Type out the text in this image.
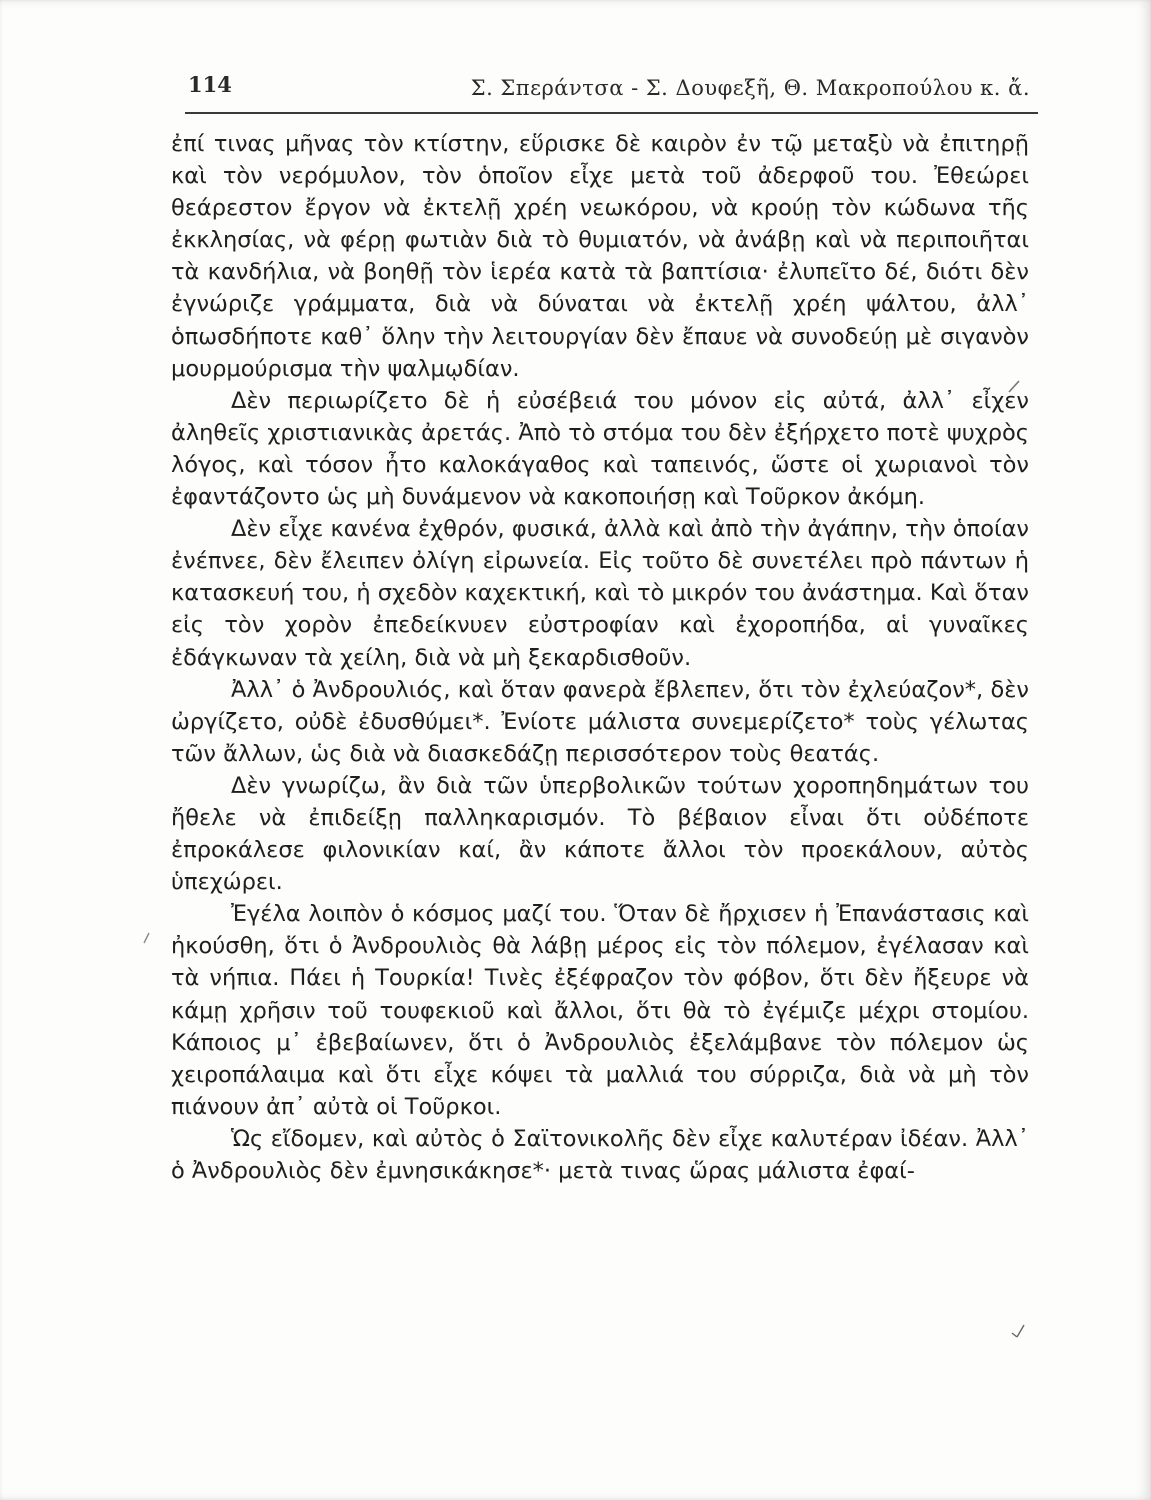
114	Σ. Σπεράντσα - Σ. Δουφεξῆ, Θ. Μακροπούλου κ. ἄ.

ἐπί τινας μῆνας τὸν κτίστην, εὕρισκε δὲ καιρὸν ἐν τῷ μεταξὺ νὰ ἐπιτηρῇ καὶ τὸν νερόμυλον, τὸν ὁποῖον εἶχε μετὰ τοῦ ἀδερφοῦ του. Ἐθεώρει θεάρεστον ἔργον νὰ ἐκτελῇ χρέη νεωκόρου, νὰ κρούῃ τὸν κώδωνα τῆς ἐκκλησίας, νὰ φέρῃ φωτιὰν διὰ τὸ θυμιατόν, νὰ ἀνάβῃ καὶ νὰ περιποιῆται τὰ κανδήλια, νὰ βοηθῇ τὸν ἱερέα κατὰ τὰ βαπτίσια· ἐλυπεῖτο δέ, διότι δὲν ἐγνώριζε γράμματα, διὰ νὰ δύναται νὰ ἐκτελῇ χρέη ψάλτου, ἀλλ᾽ ὁπωσδήποτε καθ᾽ ὅλην τὴν λειτουργίαν δὲν ἔπαυε νὰ συνοδεύῃ μὲ σιγανὸν μουρμούρισμα τὴν ψαλμῳδίαν.

Δὲν περιωρίζετο δὲ ἡ εὐσέβειά του μόνον εἰς αὐτά, ἀλλ᾽ εἶχεν ἀληθεῖς χριστιανικὰς ἀρετάς. Ἀπὸ τὸ στόμα του δὲν ἐξήρχετο ποτὲ ψυχρὸς λόγος, καὶ τόσον ἦτο καλοκάγαθος καὶ ταπεινός, ὥστε οἱ χωριανοὶ τὸν ἐφαντάζοντο ὡς μὴ δυνάμενον νὰ κακοποιήσῃ καὶ Τοῦρκον ἀκόμη.

Δὲν εἶχε κανένα ἐχθρόν, φυσικά, ἀλλὰ καὶ ἀπὸ τὴν ἀγάπην, τὴν ὁποίαν ἐνέπνεε, δὲν ἔλειπεν ὀλίγη εἰρωνεία. Εἰς τοῦτο δὲ συνετέλει πρὸ πάντων ἡ κατασκευή του, ἡ σχεδὸν καχεκτική, καὶ τὸ μικρόν του ἀνάστημα. Καὶ ὅταν εἰς τὸν χορὸν ἐπεδείκνυεν εὐστροφίαν καὶ ἐχοροπήδα, αἱ γυναῖκες ἐδάγκωναν τὰ χείλη, διὰ νὰ μὴ ξεκαρδισθοῦν.

Ἀλλ᾽ ὁ Ἀνδρουλιός, καὶ ὅταν φανερὰ ἔβλεπεν, ὅτι τὸν ἐχλεύαζον*, δὲν ὠργίζετο, οὐδὲ ἐδυσθύμει*. Ἐνίοτε μάλιστα συνεμερίζετο* τοὺς γέλωτας τῶν ἄλλων, ὡς διὰ νὰ διασκεδάζῃ περισσότερον τοὺς θεατάς.

Δὲν γνωρίζω, ἂν διὰ τῶν ὑπερβολικῶν τούτων χοροπηδημάτων του ἤθελε νὰ ἐπιδείξῃ παλληκαρισμόν. Τὸ βέβαιον εἶναι ὅτι οὐδέποτε ἐπροκάλεσε φιλονικίαν καί, ἂν κάποτε ἄλλοι τὸν προεκάλουν, αὐτὸς ὑπεχώρει.

Ἐγέλα λοιπὸν ὁ κόσμος μαζί του. Ὅταν δὲ ἤρχισεν ἡ Ἐπανάστασις καὶ ἠκούσθη, ὅτι ὁ Ἀνδρουλιὸς θὰ λάβῃ μέρος εἰς τὸν πόλεμον, ἐγέλασαν καὶ τὰ νήπια. Πάει ἡ Τουρκία! Τινὲς ἐξέφραζον τὸν φόβον, ὅτι δὲν ἤξευρε νὰ κάμῃ χρῆσιν τοῦ τουφεκιοῦ καὶ ἄλλοι, ὅτι θὰ τὸ ἐγέμιζε μέχρι στομίου. Κάποιος μ᾽ ἐβεβαίωνεν, ὅτι ὁ Ἀνδρουλιὸς ἐξελάμβανε τὸν πόλεμον ὡς χειροπάλαιμα καὶ ὅτι εἶχε κόψει τὰ μαλλιά του σύρριζα, διὰ νὰ μὴ τὸν πιάνουν ἀπ᾽ αὐτὰ οἱ Τοῦρκοι.

Ὡς εἴδομεν, καὶ αὐτὸς ὁ Σαϊτονικολῆς δὲν εἶχε καλυτέραν ἰδέαν. Ἀλλ᾽ ὁ Ἀνδρουλιὸς δὲν ἐμνησικάκησε*· μετὰ τινας ὥρας μάλιστα ἐφαί-
